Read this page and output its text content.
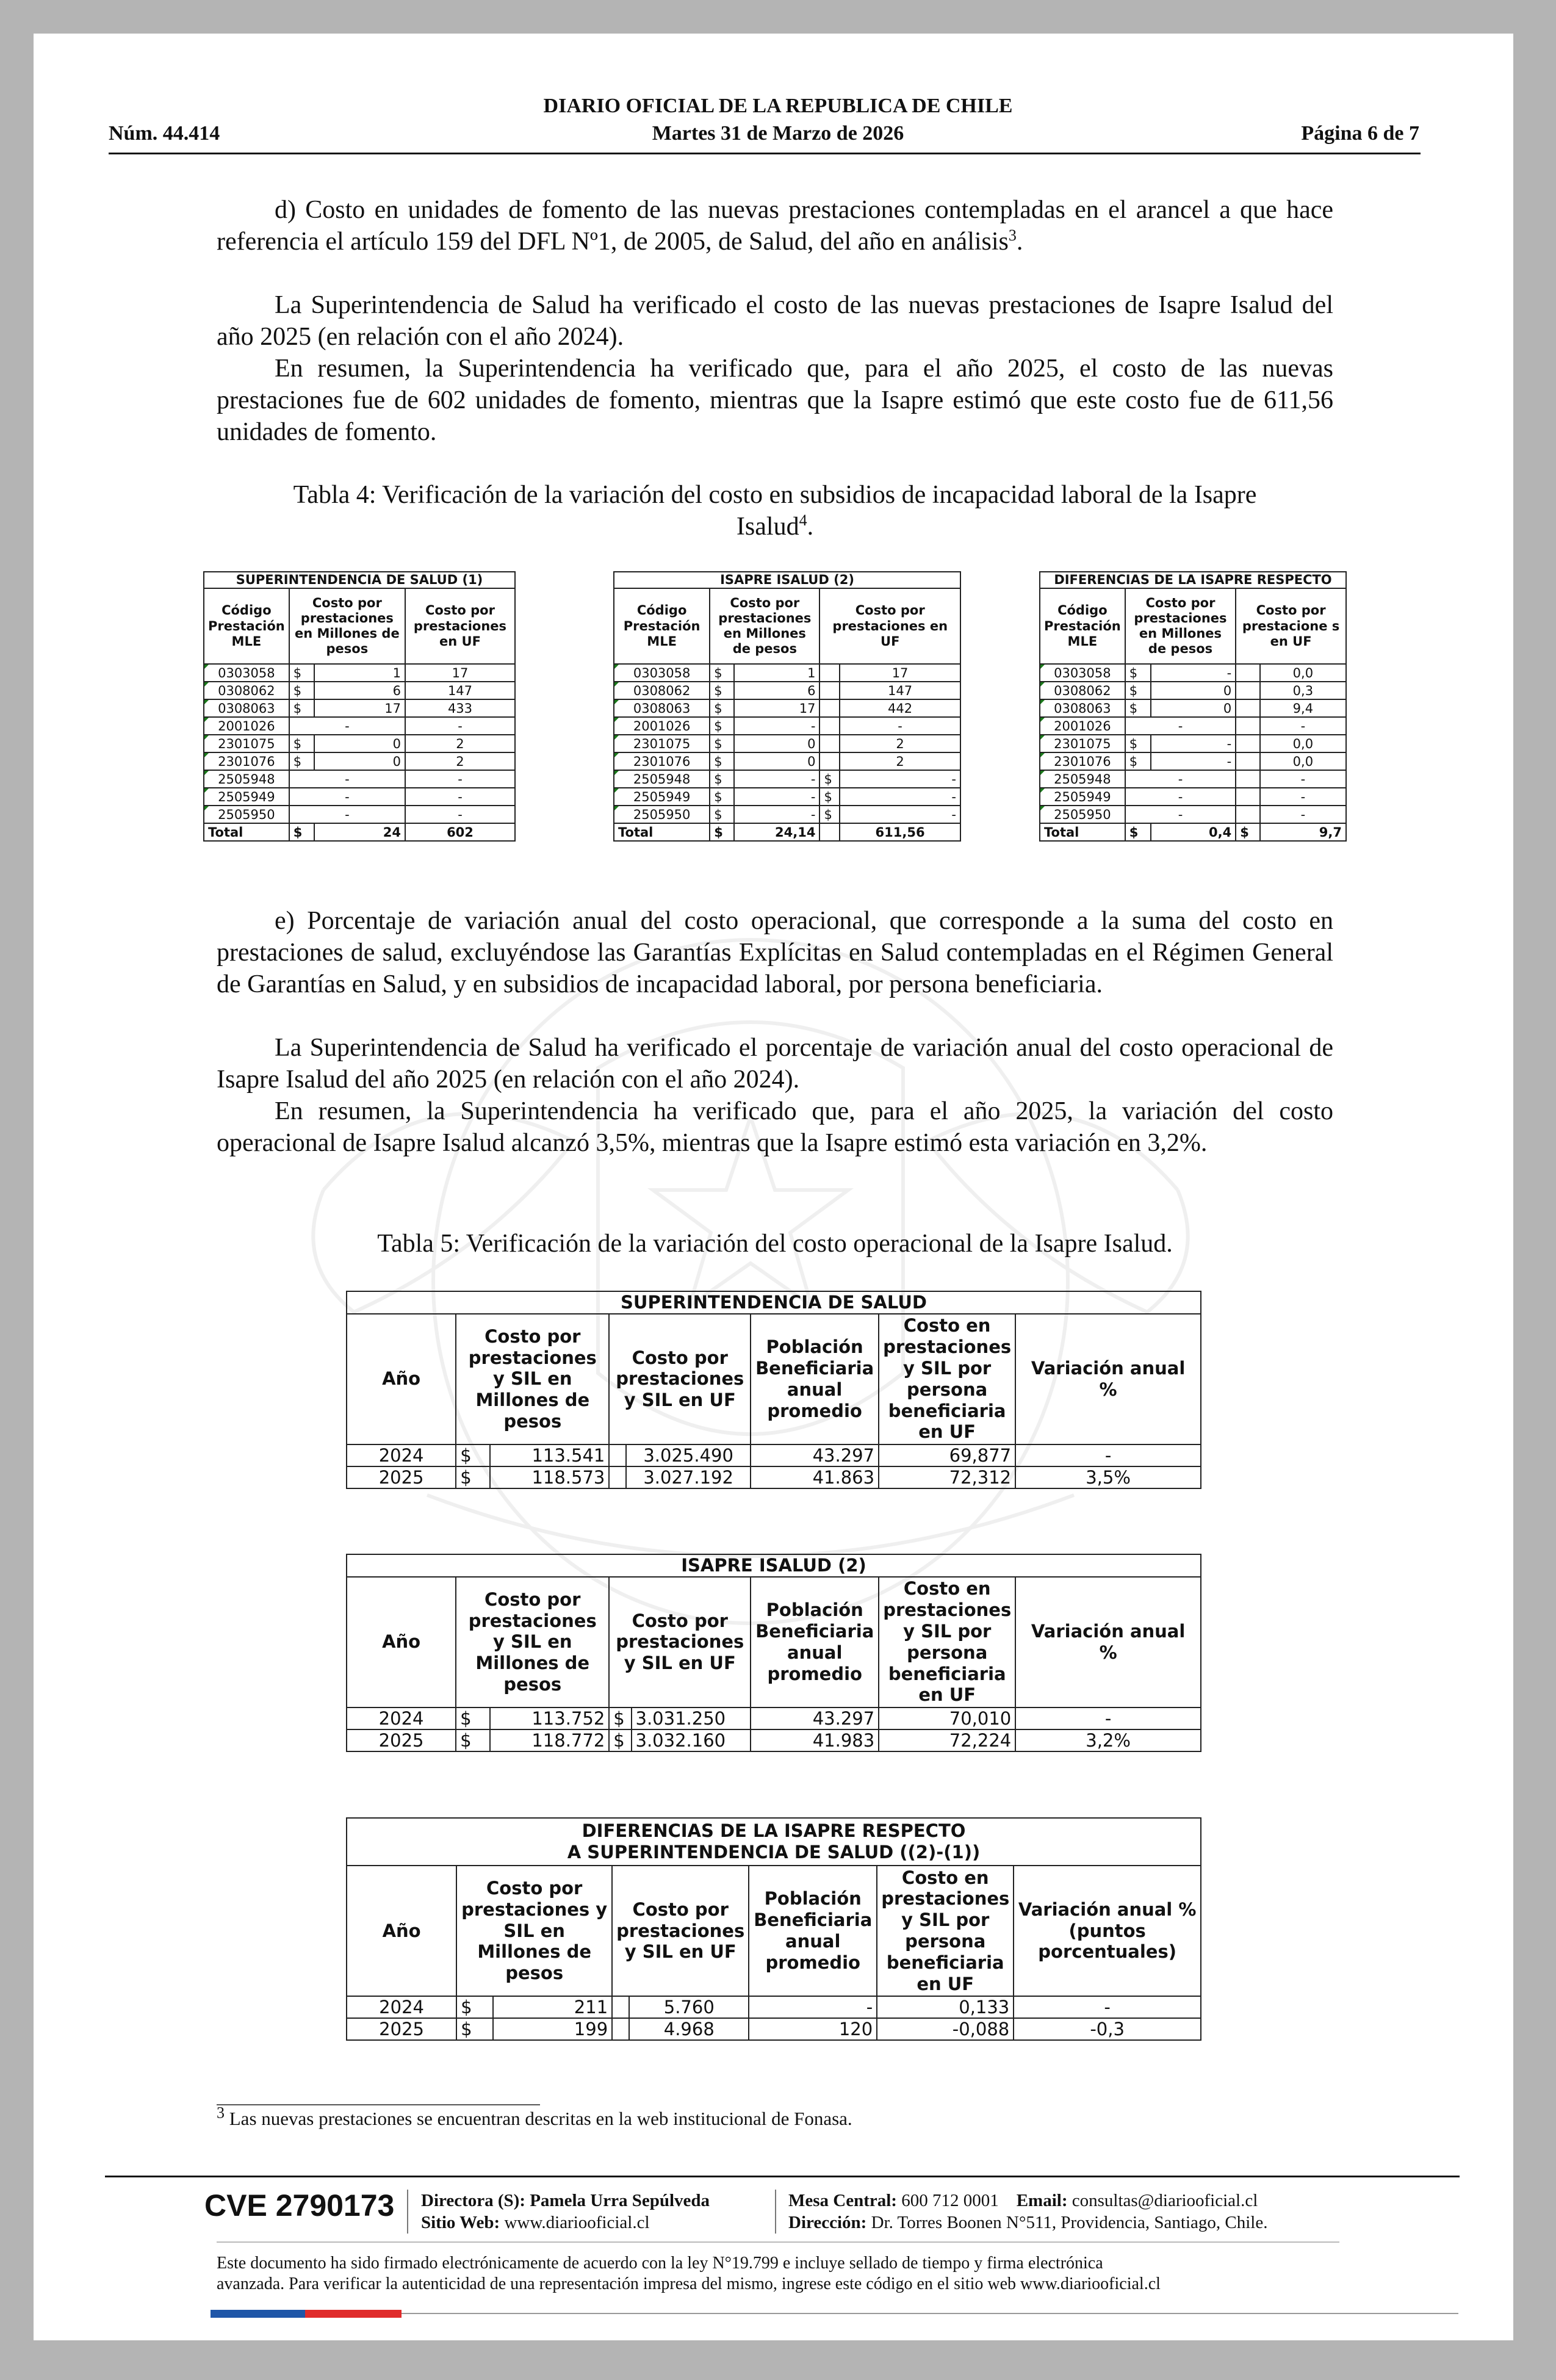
DIARIO OFICIAL DE LA REPUBLICA DE CHILE
Núm. 44.414	Martes 31 de Marzo de 2026	Página 6 de 7
d) Costo en unidades de fomento de las nuevas prestaciones contempladas en el arancel a que hace referencia el artículo 159 del DFL Nº1, de 2005, de Salud, del año en análisis$^3$.
La Superintendencia de Salud ha verificado el costo de las nuevas prestaciones de Isapre Isalud del año 2025 (en relación con el año 2024).
En resumen, la Superintendencia ha verificado que, para el año 2025, el costo de las nuevas prestaciones fue de 602 unidades de fomento, mientras que la Isapre estimó que este costo fue de 611,56 unidades de fomento.
Tabla 4: Verificación de la variación del costo en subsidios de incapacidad laboral de la Isapre
Isalud$^4$.
SUPERINTENDENCIA DE SALUD (1)			
Código Prestación MLE	Costo por prestaciones en Millones de pesos		Costo por prestaciones en UF
0303058	$	1	17
0308062	$	6	147
0308063	$	17	433
2001026	-		-
2301075	$	0	2
2301076	$	0	2
2505948	-		-
2505949	-		-
2505950	-		-
Total	$	24	602
ISAPRE ISALUD (2)				
Código Prestación MLE	Costo por prestaciones en Millones de pesos		Costo por prestaciones en UF	
0303058	$	1		17
0308062	$	6		147
0308063	$	17		442
2001026	$	-		-
2301075	$	0		2
2301076	$	0		2
2505948	$	-	$	-
2505949	$	-	$	-
2505950	$	-	$	-
Total	$	24,14		611,56
DIFERENCIAS DE LA ISAPRE RESPECTO				
Código Prestación MLE	Costo por prestaciones en Millones de pesos		Costo por prestacione s en UF	
0303058	$	-		0,0
0308062	$	0		0,3
0308063	$	0		9,4
2001026	-			-
2301075	$	-		0,0
2301076	$	-		0,0
2505948	-			-
2505949	-			-
2505950	-			-
Total	$	0,4	$	9,7
e) Porcentaje de variación anual del costo operacional, que corresponde a la suma del costo en prestaciones de salud, excluyéndose las Garantías Explícitas en Salud contempladas en el Régimen General de Garantías en Salud, y en subsidios de incapacidad laboral, por persona beneficiaria.
La Superintendencia de Salud ha verificado el porcentaje de variación anual del costo operacional de Isapre Isalud del año 2025 (en relación con el año 2024).
En resumen, la Superintendencia ha verificado que, para el año 2025, la variación del costo operacional de Isapre Isalud alcanzó 3,5%, mientras que la Isapre estimó esta variación en 3,2%.
Tabla 5: Verificación de la variación del costo operacional de la Isapre Isalud.
SUPERINTENDENCIA DE SALUD							
Año	Costo por prestaciones y SIL en Millones de pesos		Costo por prestaciones y SIL en UF		Población Beneficiaria anual promedio	Costo en prestaciones y SIL por persona beneficiaria en UF	Variación anual %
2024	$	113.541		3.025.490	43.297	69,877	-
2025	$	118.573		3.027.192	41.863	72,312	3,5%
ISAPRE ISALUD (2)							
Año	Costo por prestaciones y SIL en Millones de pesos		Costo por prestaciones y SIL en UF		Población Beneficiaria anual promedio	Costo en prestaciones y SIL por persona beneficiaria en UF	Variación anual %
2024	$	113.752	$	3.031.250	43.297	70,010	-
2025	$	118.772	$	3.032.160	41.983	72,224	3,2%
DIFERENCIAS DE LA ISAPRE RESPECTO
A SUPERINTENDENCIA DE SALUD ((2)-(1))							
Año	Costo por prestaciones y SIL en Millones de pesos		Costo por prestaciones y SIL en UF		Población Beneficiaria anual promedio	Costo en prestaciones y SIL por persona beneficiaria en UF	Variación anual % (puntos porcentuales)
2024	$	211		5.760	-	0,133	-
2025	$	199		4.968	120	-0,088	-0,3
$^3$ Las nuevas prestaciones se encuentran descritas en la web institucional de Fonasa.
CVE 2790173 Directora (S): Pamela Urra Sepúlveda
Sitio Web: www.diariooficial.cl
Mesa Central: 600 712 0001 Email: consultas@diariooficial.cl
Dirección: Dr. Torres Boonen N°511, Providencia, Santiago, Chile.
Este documento ha sido firmado electrónicamente de acuerdo con la ley N°19.799 e incluye sellado de tiempo y firma electrónica
avanzada. Para verificar la autenticidad de una representación impresa del mismo, ingrese este código en el sitio web www.diariooficial.cl
